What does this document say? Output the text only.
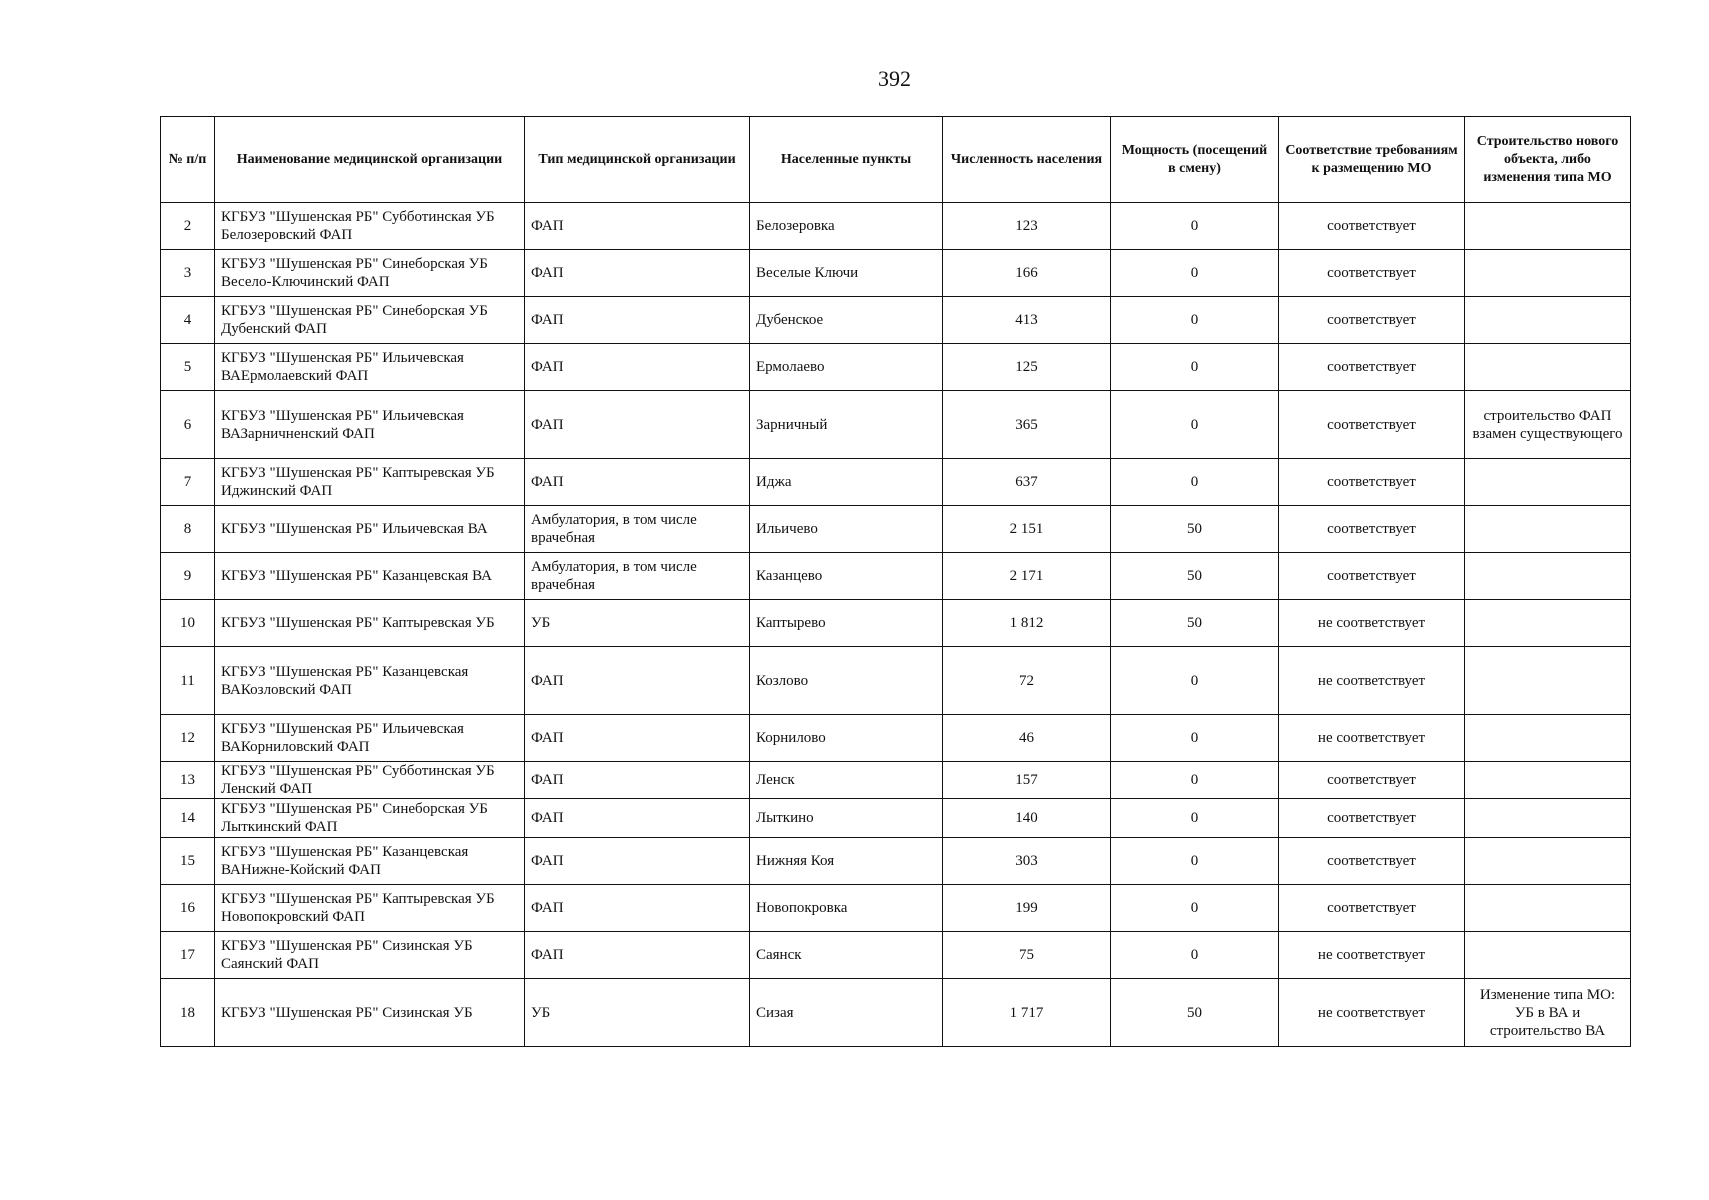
392
№ п/п	Наименование медицинской организации	Тип медицинской организации	Населенные пункты	Численность населения	Мощность (посещений в смену)	Соответствие требованиям к размещению МО	Строительство нового объекта, либо изменения типа МО
2	КГБУЗ "Шушенская РБ" Субботинская УБ Белозеровский ФАП	ФАП	Белозеровка	123	0	соответствует	
3	КГБУЗ "Шушенская РБ" Синеборская УБ Весело-Ключинский ФАП	ФАП	Веселые Ключи	166	0	соответствует	
4	КГБУЗ "Шушенская РБ" Синеборская УБ Дубенский ФАП	ФАП	Дубенское	413	0	соответствует	
5	КГБУЗ "Шушенская РБ" Ильичевская ВАЕрмолаевский ФАП	ФАП	Ермолаево	125	0	соответствует	
6	КГБУЗ "Шушенская РБ" Ильичевская ВАЗарничненский ФАП	ФАП	Зарничный	365	0	соответствует	строительство ФАП взамен существующего
7	КГБУЗ "Шушенская РБ" Каптыревская УБ Иджинский ФАП	ФАП	Иджа	637	0	соответствует	
8	КГБУЗ "Шушенская РБ" Ильичевская ВА	Амбулатория, в том числе врачебная	Ильичево	2 151	50	соответствует	
9	КГБУЗ "Шушенская РБ" Казанцевская ВА	Амбулатория, в том числе врачебная	Казанцево	2 171	50	соответствует	
10	КГБУЗ "Шушенская РБ" Каптыревская УБ	УБ	Каптырево	1 812	50	не соответствует	
11	КГБУЗ "Шушенская РБ" Казанцевская ВАКозловский ФАП	ФАП	Козлово	72	0	не соответствует	
12	КГБУЗ "Шушенская РБ" Ильичевская ВАКорниловский ФАП	ФАП	Корнилово	46	0	не соответствует	
13	КГБУЗ "Шушенская РБ" Субботинская УБ Ленский ФАП	ФАП	Ленск	157	0	соответствует	
14	КГБУЗ "Шушенская РБ" Синеборская УБ Лыткинский ФАП	ФАП	Лыткино	140	0	соответствует	
15	КГБУЗ "Шушенская РБ" Казанцевская ВАНижне-Койский ФАП	ФАП	Нижняя Коя	303	0	соответствует	
16	КГБУЗ "Шушенская РБ" Каптыревская УБ Новопокровский ФАП	ФАП	Новопокровка	199	0	соответствует	
17	КГБУЗ "Шушенская РБ" Сизинская УБ Саянский ФАП	ФАП	Саянск	75	0	не соответствует	
18	КГБУЗ "Шушенская РБ" Сизинская УБ	УБ	Сизая	1 717	50	не соответствует	Изменение типа МО: УБ в ВА и строительство ВА
